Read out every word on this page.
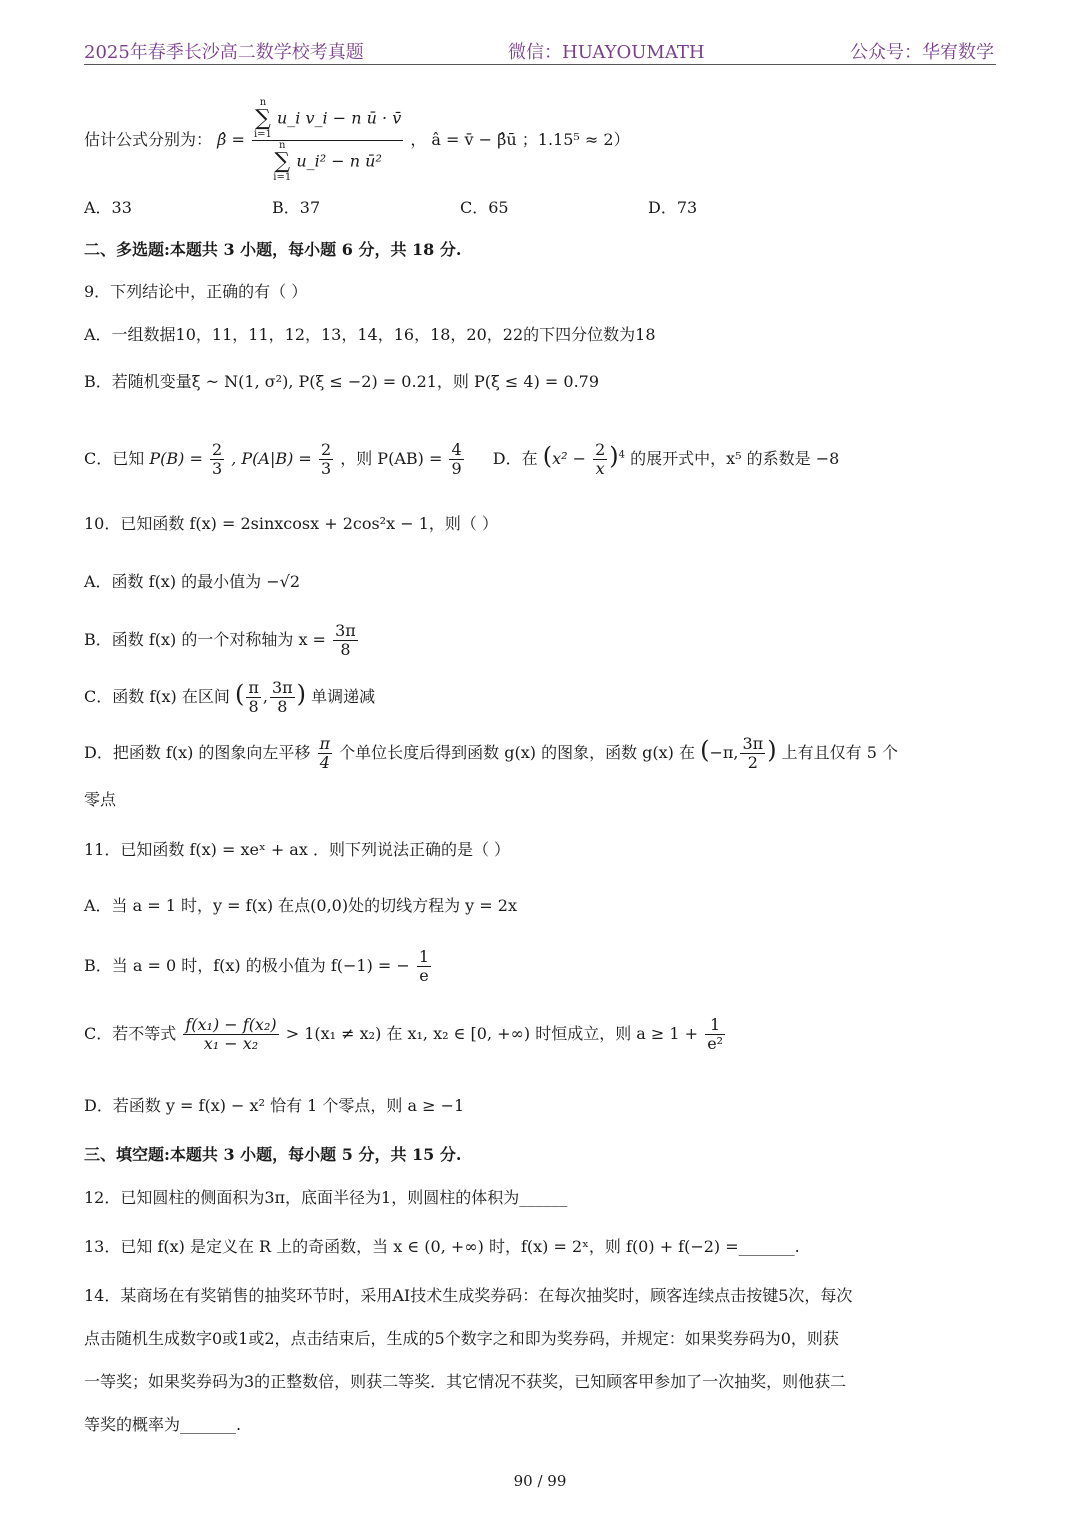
2025年春季长沙高二数学校考真题	微信：HUAYOUMATH	公众号：华宥数学
估计公式分别为： β̂ = n
∑
i=1
u_i v_i − n ū · v̄
n
∑
i=1
u_i² − n ū² ， â = v̄ − β̂ū ；1.15⁵ ≈ 2）
A．33	B．37	C．65	D．73
二、多选题:本题共 3 小题，每小题 6 分，共 18 分.
9．下列结论中，正确的有（ ）
A．一组数据10，11，11，12，13，14，16，18，20，22的下四分位数为18
B．若随机变量ξ ~ N(1, σ²), P(ξ ≤ −2) = 0.21，则 P(ξ ≤ 4) = 0.79
C．已知 $P(B) = \frac{2}{3}$ , $P(A|B) = \frac{2}{3}$ ，则 $P(AB) = \frac{4}{9}$ D．在 $(x^2 - \frac{2}{x} )^4$ 的展开式中，x⁵ 的系数是 −8
10．已知函数 f(x) = 2sinxcosx + 2cos²x − 1，则（ ）
A．函数 f(x) 的最小值为 −√2
B．函数 f(x) 的一个对称轴为 $x = \frac{3\pi}{8}$
C．函数 f(x) 在区间 ( $\frac{\pi}{8}$ , $\frac{3\pi}{8}$ ) 单调递减
D．把函数 f(x) 的图象向左平移 $\frac{\pi}{4}$ 个单位长度后得到函数 g(x) 的图象，函数 g(x) 在 (−π, $\frac{3\pi}{2}$ ) 上有且仅有 5 个
零点
11．已知函数 f(x) = xeˣ + ax ．则下列说法正确的是（ ）
A．当 a = 1 时，y = f(x) 在点(0,0)处的切线方程为 y = 2x
B．当 a = 0 时，f(x) 的极小值为 f(−1) = − $\frac{1}{e}$
C．若不等式 $\frac{\text{f(x₁) − f(x₂)}}{\text{x₁ − x₂}} > 1(x_1 \ne x_2)$ 在 x₁, x₂ ∈ [0, +∞) 时恒成立，则 $a \ge 1 + \frac{1}{\text{e²}}$
D．若函数 y = f(x) − x² 恰有 1 个零点，则 a ≥ −1
三、填空题:本题共 3 小题，每小题 5 分，共 15 分.
12．已知圆柱的侧面积为3π，底面半径为1，则圆柱的体积为______
13．已知 f(x) 是定义在 R 上的奇函数，当 x ∈ (0, +∞) 时，f(x) = 2ˣ，则 f(0) + f(−2) =_______.
14．某商场在有奖销售的抽奖环节时，采用AI技术生成奖券码：在每次抽奖时，顾客连续点击按键5次，每次
点击随机生成数字0或1或2，点击结束后，生成的5个数字之和即为奖券码，并规定：如果奖券码为0，则获
一等奖；如果奖券码为3的正整数倍，则获二等奖．其它情况不获奖，已知顾客甲参加了一次抽奖，则他获二
等奖的概率为_______.
90 / 99
